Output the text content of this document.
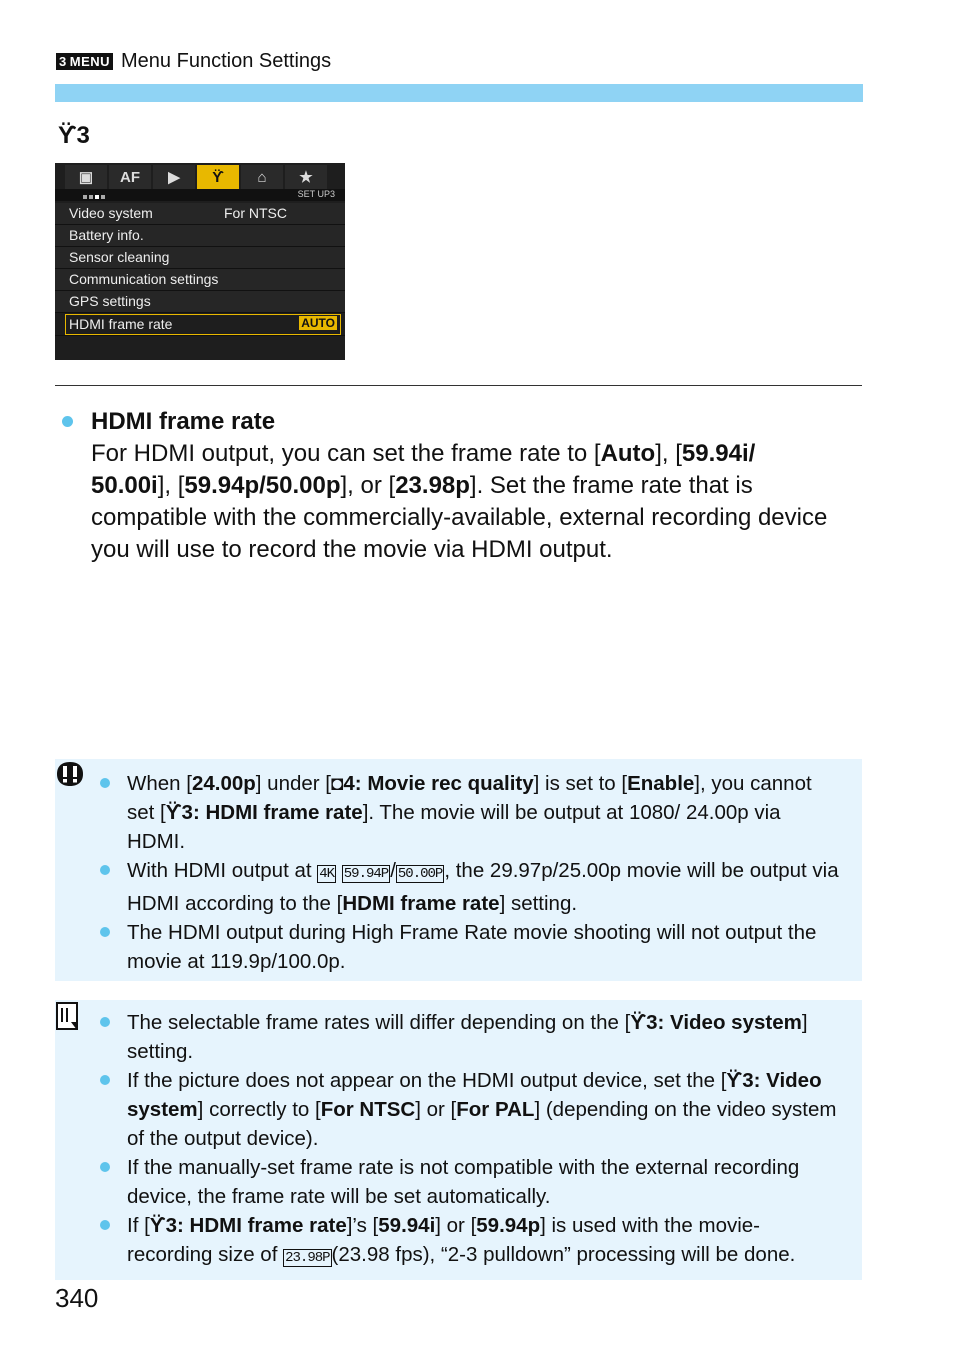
3 MENU Menu Function Settings
ϔ3
▣	AF	▶	ϔ	⌂	★
SET UP3
Video system	For NTSC
Battery info.
Sensor cleaning
Communication settings
GPS settings
HDMI frame rate	AUTO
HDMI frame rate
For HDMI output, you can set the frame rate to [Auto], [59.94i/ 50.00i], [59.94p/50.00p], or [23.98p]. Set the frame rate that is compatible with the commercially-available, external recording device you will use to record the movie via HDMI output.
When [24.00p] under [◘4: Movie rec quality] is set to [Enable], you cannot set [ϔ3: HDMI frame rate]. The movie will be output at 1080/ 24.00p via HDMI.
With HDMI output at 4K 59.94P/ 50.00P, the 29.97p/25.00p movie will be output via HDMI according to the [HDMI frame rate] setting.
The HDMI output during High Frame Rate movie shooting will not output the movie at 119.9p/100.0p.
The selectable frame rates will differ depending on the [ϔ3: Video system] setting.
If the picture does not appear on the HDMI output device, set the [ϔ3: Video system] correctly to [For NTSC] or [For PAL] (depending on the video system of the output device).
If the manually-set frame rate is not compatible with the external recording device, the frame rate will be set automatically.
If [ϔ3: HDMI frame rate]’s [59.94i] or [59.94p] is used with the movie-recording size of 23.98P(23.98 fps), “2-3 pulldown” processing will be done.
340
